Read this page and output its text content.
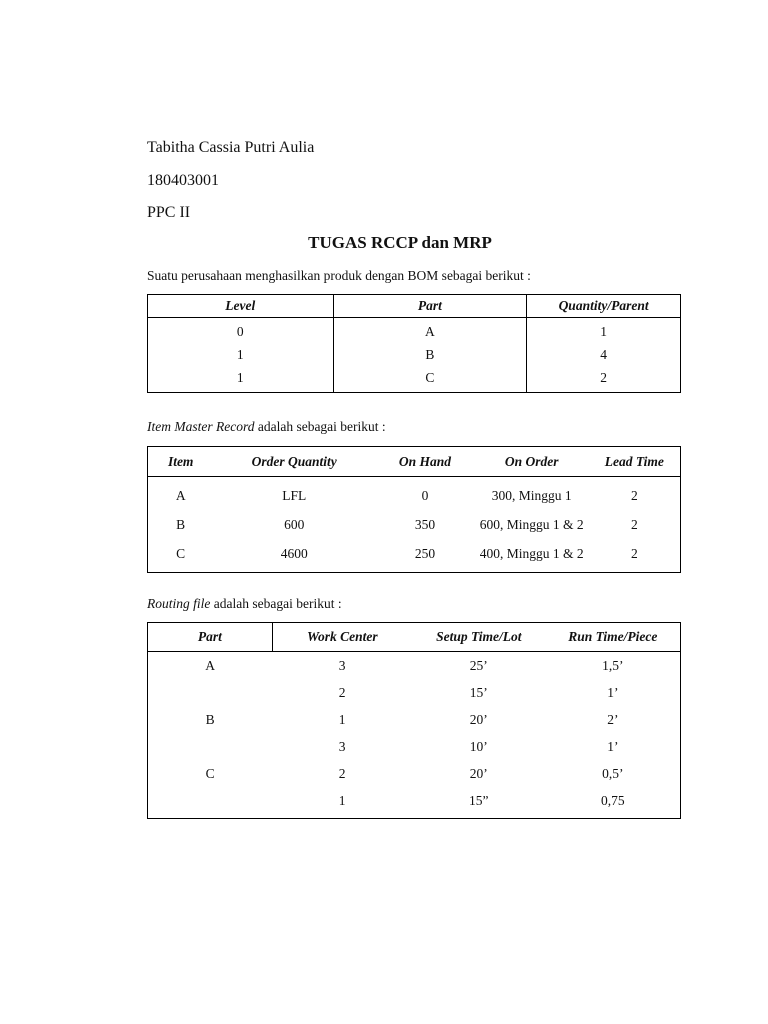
Tabitha Cassia Putri Aulia
180403001
PPC II
TUGAS RCCP dan MRP
Suatu perusahaan menghasilkan produk dengan BOM sebagai berikut :
Level	Part	Quantity/Parent
0	A	1
1	B	4
1	C	2
Item Master Record adalah sebagai berikut :
Item	Order Quantity	On Hand	On Order	Lead Time
A	LFL	0	300, Minggu 1	2
B	600	350	600, Minggu 1 & 2	2
C	4600	250	400, Minggu 1 & 2	2
Routing file adalah sebagai berikut :
Part	Work Center	Setup Time/Lot	Run Time/Piece
A	3	25’	1,5’
	2	15’	1’
B	1	20’	2’
	3	10’	1’
C	2	20’	0,5’
	1	15”	0,75
